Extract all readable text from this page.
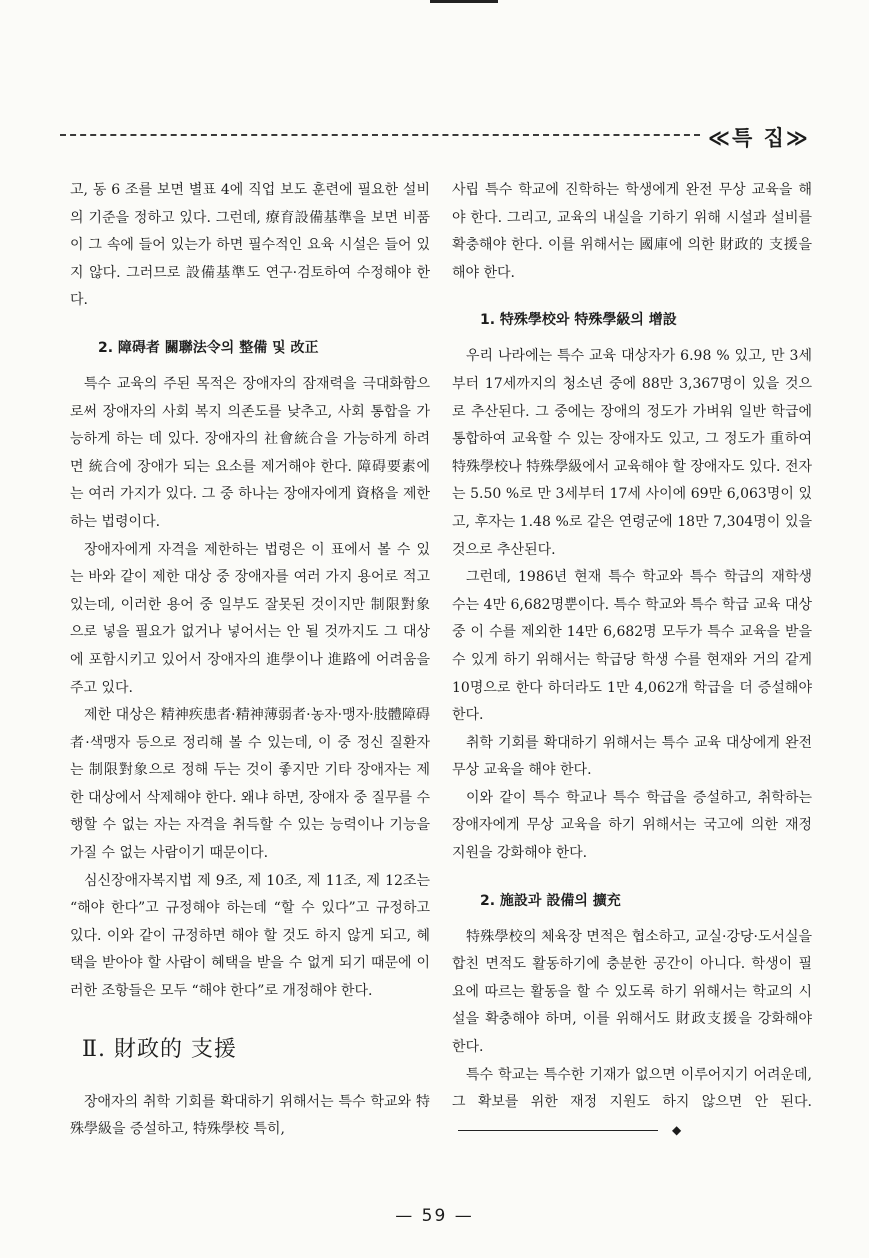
≪특 집≫

고, 동 6 조를 보면 별표 4에 직업 보도 훈련에 필요한 설비의 기준을 정하고 있다. 그런데, 療育設備基準을 보면 비품이 그 속에 들어 있는가 하면 필수적인 요육 시설은 들어 있지 않다. 그러므로 設備基準도 연구·검토하여 수정해야 한다.

2. 障碍者 關聯法令의 整備 및 改正

특수 교육의 주된 목적은 장애자의 잠재력을 극대화함으로써 장애자의 사회 복지 의존도를 낮추고, 사회 통합을 가능하게 하는 데 있다. 장애자의 社會統合을 가능하게 하려면 統合에 장애가 되는 요소를 제거해야 한다. 障碍要素에는 여러 가지가 있다. 그 중 하나는 장애자에게 資格을 제한하는 법령이다.

장애자에게 자격을 제한하는 법령은 이 표에서 볼 수 있는 바와 같이 제한 대상 중 장애자를 여러 가지 용어로 적고 있는데, 이러한 용어 중 일부도 잘못된 것이지만 制限對象으로 넣을 필요가 없거나 넣어서는 안 될 것까지도 그 대상에 포함시키고 있어서 장애자의 進學이나 進路에 어려움을 주고 있다.

제한 대상은 精神疾患者·精神薄弱者·농자·맹자·肢體障碍者·색맹자 등으로 정리해 볼 수 있는데, 이 중 정신 질환자는 制限對象으로 정해 두는 것이 좋지만 기타 장애자는 제한 대상에서 삭제해야 한다. 왜냐 하면, 장애자 중 질무를 수행할 수 없는 자는 자격을 취득할 수 있는 능력이나 기능을 가질 수 없는 사람이기 때문이다.

심신장애자복지법 제 9조, 제 10조, 제 11조, 제 12조는 “해야 한다”고 규정해야 하는데 “할 수 있다”고 규정하고 있다. 이와 같이 규정하면 해야 할 것도 하지 않게 되고, 혜택을 받아야 할 사람이 혜택을 받을 수 없게 되기 때문에 이러한 조항들은 모두 “해야 한다”로 개정해야 한다.

Ⅱ. 財政的 支援

장애자의 취학 기회를 확대하기 위해서는 특수 학교와 特殊學級을 증설하고, 特殊學校 특히,

사립 특수 학교에 진학하는 학생에게 완전 무상 교육을 해야 한다. 그리고, 교육의 내실을 기하기 위해 시설과 설비를 확충해야 한다. 이를 위해서는 國庫에 의한 財政的 支援을 해야 한다.

1. 特殊學校와 特殊學級의 增設

우리 나라에는 특수 교육 대상자가 6.98 % 있고, 만 3세부터 17세까지의 청소년 중에 88만 3,367명이 있을 것으로 추산된다. 그 중에는 장애의 정도가 가벼워 일반 학급에 통합하여 교육할 수 있는 장애자도 있고, 그 정도가 重하여 特殊學校나 特殊學級에서 교육해야 할 장애자도 있다. 전자는 5.50 %로 만 3세부터 17세 사이에 69만 6,063명이 있고, 후자는 1.48 %로 같은 연령군에 18만 7,304명이 있을 것으로 추산된다.

그런데, 1986년 현재 특수 학교와 특수 학급의 재학생 수는 4만 6,682명뿐이다. 특수 학교와 특수 학급 교육 대상 중 이 수를 제외한 14만 6,682명 모두가 특수 교육을 받을 수 있게 하기 위해서는 학급당 학생 수를 현재와 거의 같게 10명으로 한다 하더라도 1만 4,062개 학급을 더 증설해야 한다.

취학 기회를 확대하기 위해서는 특수 교육 대상에게 완전 무상 교육을 해야 한다.

이와 같이 특수 학교나 특수 학급을 증설하고, 취학하는 장애자에게 무상 교육을 하기 위해서는 국고에 의한 재정 지원을 강화해야 한다.

2. 施設과 設備의 擴充

特殊學校의 체육장 면적은 협소하고, 교실·강당·도서실을 합친 면적도 활동하기에 충분한 공간이 아니다. 학생이 필요에 따르는 활동을 할 수 있도록 하기 위해서는 학교의 시설을 확충해야 하며, 이를 위해서도 財政支援을 강화해야 한다.

특수 학교는 특수한 기재가 없으면 이루어지기 어려운데, 그 확보를 위한 재정 지원도 하지 않으면 안 된다.◆

— 59 —
